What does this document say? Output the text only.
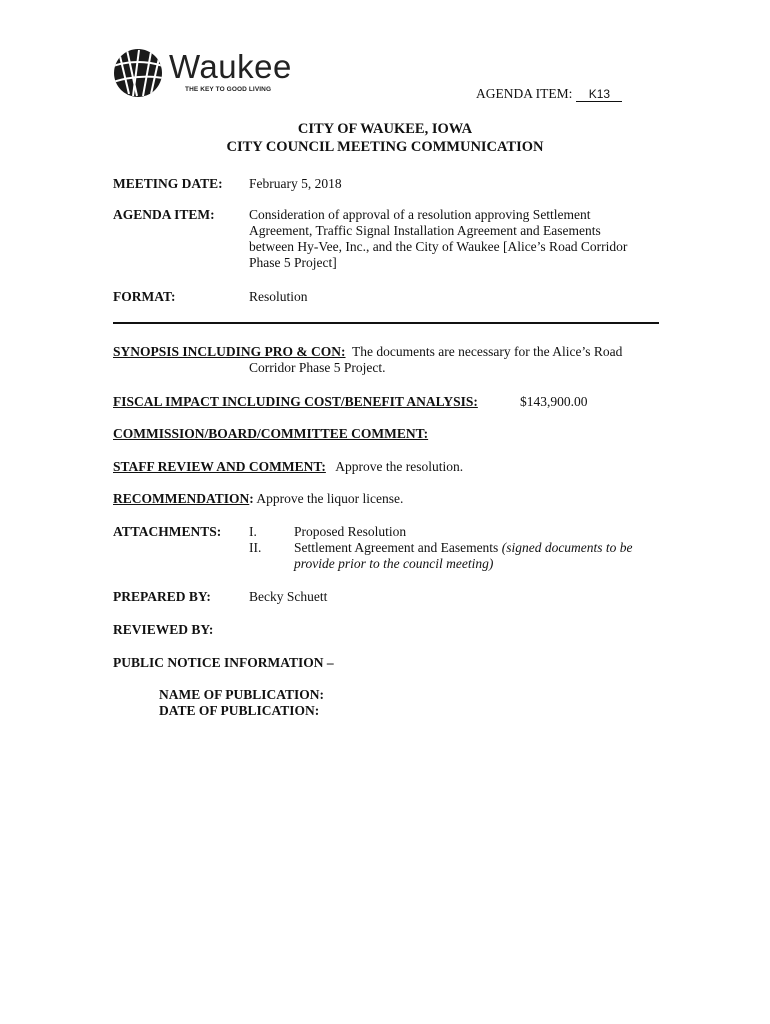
Waukee
THE KEY TO GOOD LIVING	AGENDA ITEM: K13
CITY OF WAUKEE, IOWA
CITY COUNCIL MEETING COMMUNICATION
MEETING DATE: February 5, 2018
AGENDA ITEM:	Consideration of approval of a resolution approving Settlement
Agreement, Traffic Signal Installation Agreement and Easements
between Hy-Vee, Inc., and the City of Waukee [Alice’s Road Corridor
Phase 5 Project]
FORMAT:	Resolution
SYNOPSIS INCLUDING PRO & CON: The documents are necessary for the Alice’s Road
Corridor Phase 5 Project.
FISCAL IMPACT INCLUDING COST/BENEFIT ANALYSIS:	$143,900.00
COMMISSION/BOARD/COMMITTEE COMMENT:
STAFF REVIEW AND COMMENT: Approve the resolution.
RECOMMENDATION: Approve the liquor license.
ATTACHMENTS: I.	Proposed Resolution
II. Settlement Agreement and Easements (signed documents to be
provide prior to the council meeting)
PREPARED BY:	Becky Schuett
REVIEWED BY:
PUBLIC NOTICE INFORMATION –
NAME OF PUBLICATION:
DATE OF PUBLICATION:
